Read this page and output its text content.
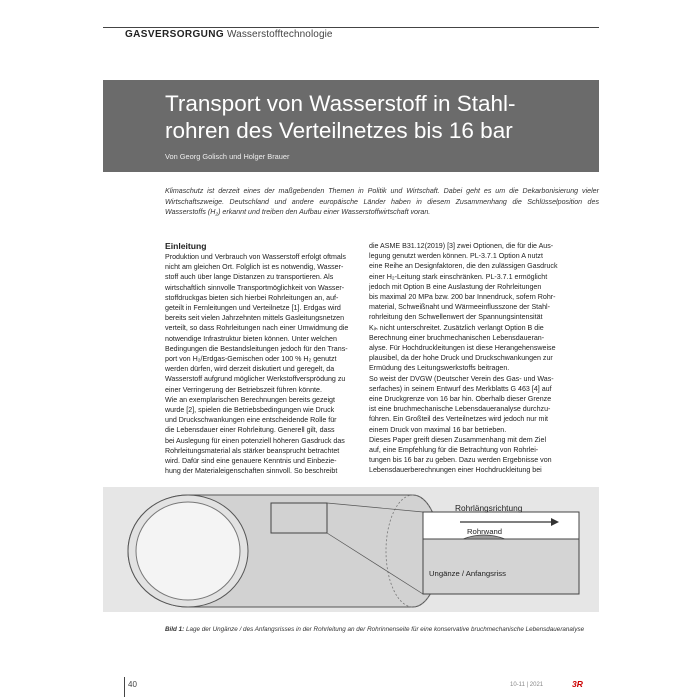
GASVERSORGUNG Wasserstofftechnologie
Transport von Wasserstoff in Stahl-
rohren des Verteilnetzes bis 16 bar
Von Georg Golisch und Holger Brauer
Klimaschutz ist derzeit eines der maßgebenden Themen in Politik und Wirtschaft. Dabei geht es um die Dekarbonisierung vieler Wirtschaftszweige. Deutschland und andere europäische Länder haben in diesem Zusammenhang die Schlüsselposition des Wasserstoffs $(H_2)$ erkannt und treiben den Aufbau einer Wasserstoffwirtschaft voran.
Einleitung
Produktion und Verbrauch von Wasserstoff erfolgt oftmals
nicht am gleichen Ort. Folglich ist es notwendig, Wasser-
stoff auch über lange Distanzen zu transportieren. Als
wirtschaftlich sinnvolle Transportmöglichkeit von Wasser-
stoffdruckgas bieten sich hierbei Rohrleitungen an, auf-
geteilt in Fernleitungen und Verteilnetze [1]. Erdgas wird
bereits seit vielen Jahrzehnten mittels Gasleitungsnetzen
verteilt, so dass Rohrleitungen nach einer Umwidmung die
notwendige Infrastruktur bieten können. Unter welchen
Bedingungen die Bestandsleitungen jedoch für den Trans-
port von H₂/Erdgas-Gemischen oder 100 % H₂ genutzt
werden dürfen, wird derzeit diskutiert und geregelt, da
Wasserstoff aufgrund möglicher Werkstoffversprödung zu
einer Verringerung der Betriebszeit führen könnte.
Wie an exemplarischen Berechnungen bereits gezeigt
wurde [2], spielen die Betriebsbedingungen wie Druck
und Druckschwankungen eine entscheidende Rolle für
die Lebensdauer einer Rohrleitung. Generell gilt, dass
bei Auslegung für einen potenziell höheren Gasdruck das
Rohrleitungsmaterial als stärker beansprucht betrachtet
wird. Dafür sind eine genauere Kenntnis und Einbezie-
hung der Materialeigenschaften sinnvoll. So beschreibt
die ASME B31.12(2019) [3] zwei Optionen, die für die Aus-
legung genutzt werden können. PL-3.7.1 Option A nutzt
eine Reihe an Designfaktoren, die den zulässigen Gasdruck
einer H₂-Leitung stark einschränken. PL-3.7.1 ermöglicht
jedoch mit Option B eine Auslastung der Rohrleitungen
bis maximal 20 MPa bzw. 200 bar Innendruck, sofern Rohr-
material, Schweißnaht und Wärmeeinflusszone der Stahl-
rohrleitung den Schwellenwert der Spannungsintensität
Kᵢₕ nicht unterschreitet. Zusätzlich verlangt Option B die
Berechnung einer bruchmechanischen Lebensdaueran-
alyse. Für Hochdruckleitungen ist diese Herangehensweise
plausibel, da der hohe Druck und Druckschwankungen zur
Ermüdung des Leitungswerkstoffs beitragen.
So weist der DVGW (Deutscher Verein des Gas- und Was-
serfaches) in seinem Entwurf des Merkblatts G 463 [4] auf
eine Druckgrenze von 16 bar hin. Oberhalb dieser Grenze
ist eine bruchmechanische Lebensdaueranalyse durchzu-
führen. Ein Großteil des Verteilnetzes wird jedoch nur mit
einem Druck von maximal 16 bar betrieben.
Dieses Paper greift diesen Zusammenhang mit dem Ziel
auf, eine Empfehlung für die Betrachtung von Rohrlei-
tungen bis 16 bar zu geben. Dazu werden Ergebnisse von
Lebensdauerberechnungen einer Hochdruckleitung bei
Rohrlängsrichtung
Rohrwand
Ungänze / Anfangsriss
Bild 1: Lage der Ungänze / des Anfangsrisses in der Rohrleitung an der Rohrinnenseite für eine konservative bruchmechanische Lebensdaueranalyse
40	10-11 | 2021	3R
